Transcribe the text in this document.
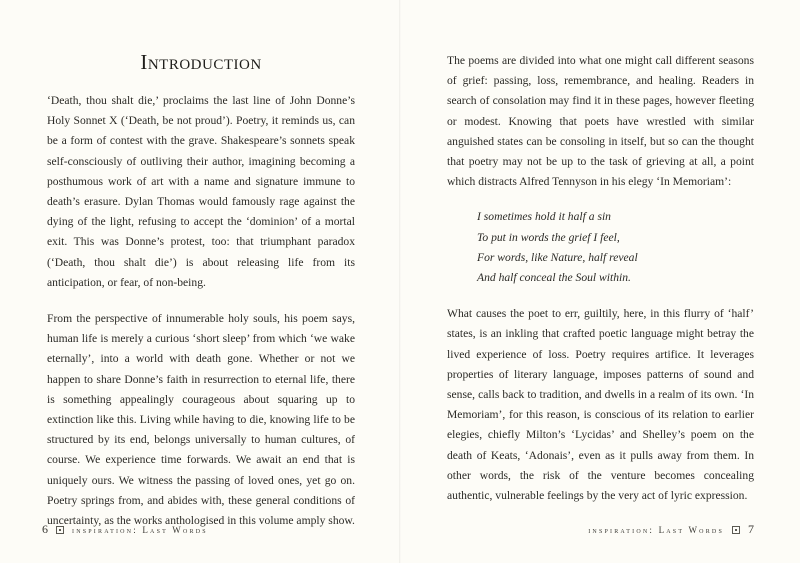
Introduction

‘Death, thou shalt die,’ proclaims the last line of John Donne’s Holy Sonnet X (‘Death, be not proud’). Poetry, it reminds us, can be a form of contest with the grave. Shakespeare’s sonnets speak self-consciously of outliving their author, imagining becoming a posthumous work of art with a name and signature immune to death’s erasure. Dylan Thomas would famously rage against the dying of the light, refusing to accept the ‘dominion’ of a mortal exit. This was Donne’s protest, too: that triumphant paradox (‘Death, thou shalt die’) is about releasing life from its anticipation, or fear, of non-being.

From the perspective of innumerable holy souls, his poem says, human life is merely a curious ‘short sleep’ from which ‘we wake eternally’, into a world with death gone. Whether or not we happen to share Donne’s faith in resurrection to eternal life, there is something appealingly courageous about squaring up to extinction like this. Living while having to die, knowing life to be structured by its end, belongs universally to human cultures, of course. We experience time forwards. We await an end that is uniquely ours. We witness the passing of loved ones, yet go on. Poetry springs from, and abides with, these general conditions of uncertainty, as the works anthologised in this volume amply show.

6	inspiration: Last Words

The poems are divided into what one might call different seasons of grief: passing, loss, remembrance, and healing. Readers in search of consolation may find it in these pages, however fleeting or modest. Knowing that poets have wrestled with similar anguished states can be consoling in itself, but so can the thought that poetry may not be up to the task of grieving at all, a point which distracts Alfred Tennyson in his elegy ‘In Memoriam’:

I sometimes hold it half a sin
To put in words the grief I feel,
For words, like Nature, half reveal
And half conceal the Soul within.

What causes the poet to err, guiltily, here, in this flurry of ‘half’ states, is an inkling that crafted poetic language might betray the lived experience of loss. Poetry requires artifice. It leverages properties of literary language, imposes patterns of sound and sense, calls back to tradition, and dwells in a realm of its own. ‘In Memoriam’, for this reason, is conscious of its relation to earlier elegies, chiefly Milton’s ‘Lycidas’ and Shelley’s poem on the death of Keats, ‘Adonais’, even as it pulls away from them. In other words, the risk of the venture becomes concealing authentic, vulnerable feelings by the very act of lyric expression.

inspiration: Last Words 7
